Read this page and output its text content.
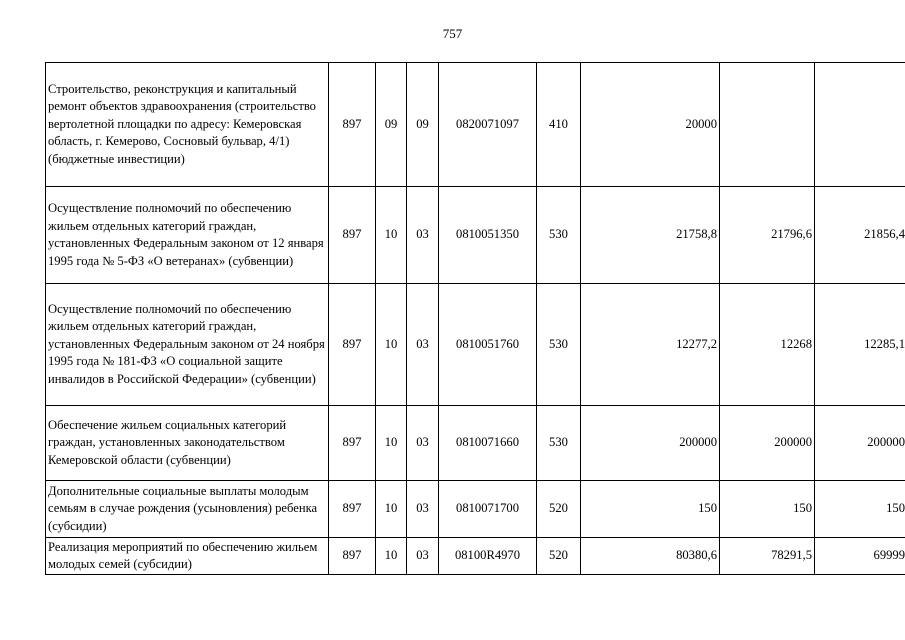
757
Строительство, реконструкция и капитальный ремонт объектов здравоохранения (строительство вертолетной площадки по адресу: Кемеровская область, г. Кемерово, Сосновый бульвар, 4/1) (бюджетные инвестиции)	897	09	09	0820071097	410	20000		
Осуществление полномочий по обеспечению жильем отдельных категорий граждан, установленных Федеральным законом от 12 января 1995 года № 5-ФЗ «О ветеранах» (субвенции)	897	10	03	0810051350	530	21758,8	21796,6	21856,4
Осуществление полномочий по обеспечению жильем отдельных категорий граждан, установленных Федеральным законом от 24 ноября 1995 года № 181-ФЗ «О социальной защите инвалидов в Российской Федерации» (субвенции)	897	10	03	0810051760	530	12277,2	12268	12285,1
Обеспечение жильем социальных категорий граждан, установленных законодательством Кемеровской области (субвенции)	897	10	03	0810071660	530	200000	200000	200000
Дополнительные социальные выплаты молодым семьям в случае рождения (усыновления) ребенка (субсидии)	897	10	03	0810071700	520	150	150	150
Реализация мероприятий по обеспечению жильем молодых семей (субсидии)	897	10	03	08100R4970	520	80380,6	78291,5	69999
